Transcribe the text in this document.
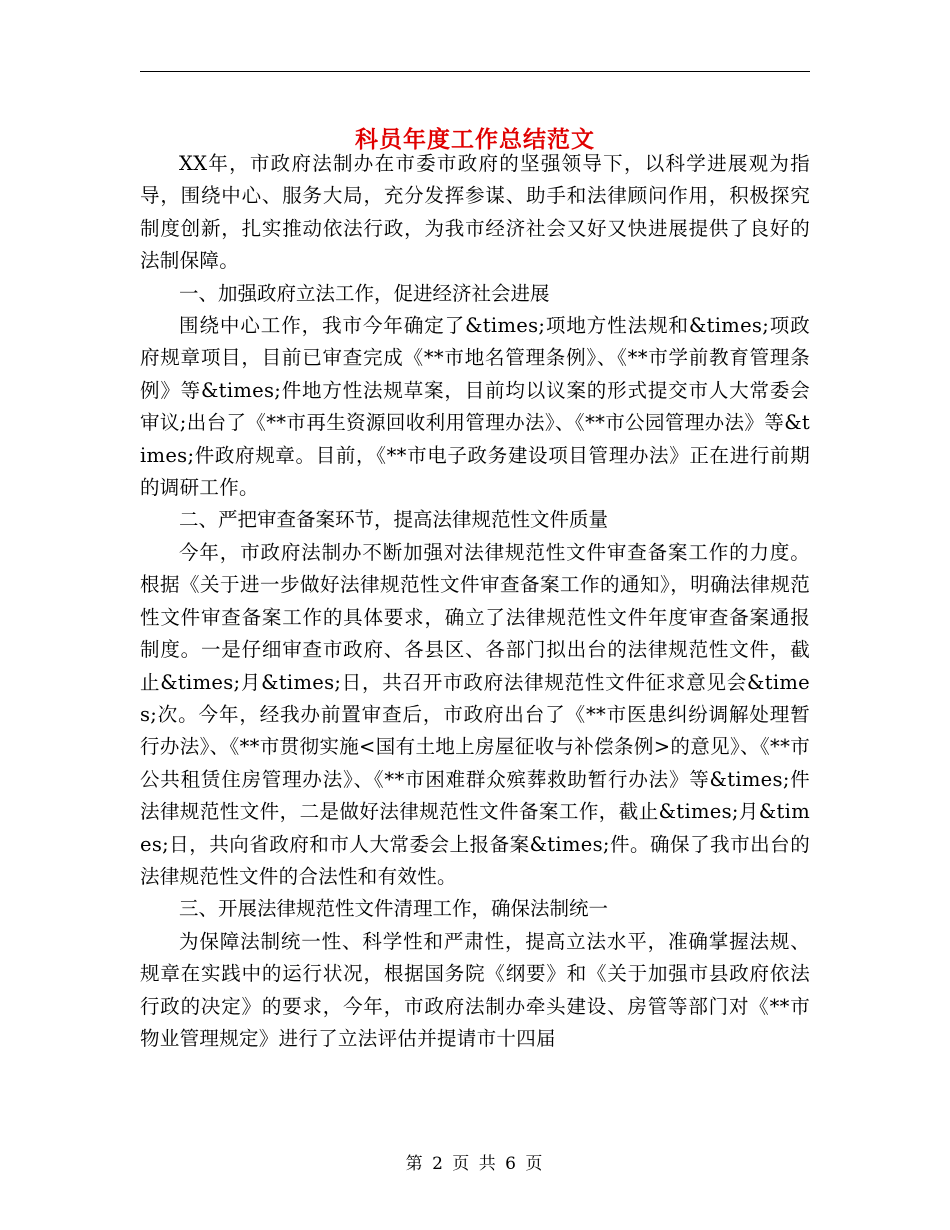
科员年度工作总结范文

XX年，市政府法制办在市委市政府的坚强领导下，以科学进展观为指导，围绕中心、服务大局，充分发挥参谋、助手和法律顾问作用，积极探究制度创新，扎实推动依法行政，为我市经济社会又好又快进展提供了良好的法制保障。

一、加强政府立法工作，促进经济社会进展

围绕中心工作，我市今年确定了&times;项地方性法规和&times;项政府规章项目，目前已审查完成《**市地名管理条例》、《**市学前教育管理条例》等&times;件地方性法规草案，目前均以议案的形式提交市人大常委会审议;出台了《**市再生资源回收利用管理办法》、《**市公园管理办法》等&times;件政府规章。目前，《**市电子政务建设项目管理办法》正在进行前期的调研工作。

二、严把审查备案环节，提高法律规范性文件质量

今年，市政府法制办不断加强对法律规范性文件审查备案工作的力度。根据《关于进一步做好法律规范性文件审查备案工作的通知》，明确法律规范性文件审查备案工作的具体要求，确立了法律规范性文件年度审查备案通报制度。一是仔细审查市政府、各县区、各部门拟出台的法律规范性文件，截止&times;月&times;日，共召开市政府法律规范性文件征求意见会&times;次。今年，经我办前置审查后，市政府出台了《**市医患纠纷调解处理暂行办法》、《**市贯彻实施<国有土地上房屋征收与补偿条例>的意见》、《**市公共租赁住房管理办法》、《**市困难群众殡葬救助暂行办法》等&times;件法律规范性文件，二是做好法律规范性文件备案工作，截止&times;月&times;日，共向省政府和市人大常委会上报备案&times;件。确保了我市出台的法律规范性文件的合法性和有效性。

三、开展法律规范性文件清理工作，确保法制统一

为保障法制统一性、科学性和严肃性，提高立法水平，准确掌握法规、规章在实践中的运行状况，根据国务院《纲要》和《关于加强市县政府依法行政的决定》的要求，今年，市政府法制办牵头建设、房管等部门对《**市物业管理规定》进行了立法评估并提请市十四届

第 2 页 共 6 页
